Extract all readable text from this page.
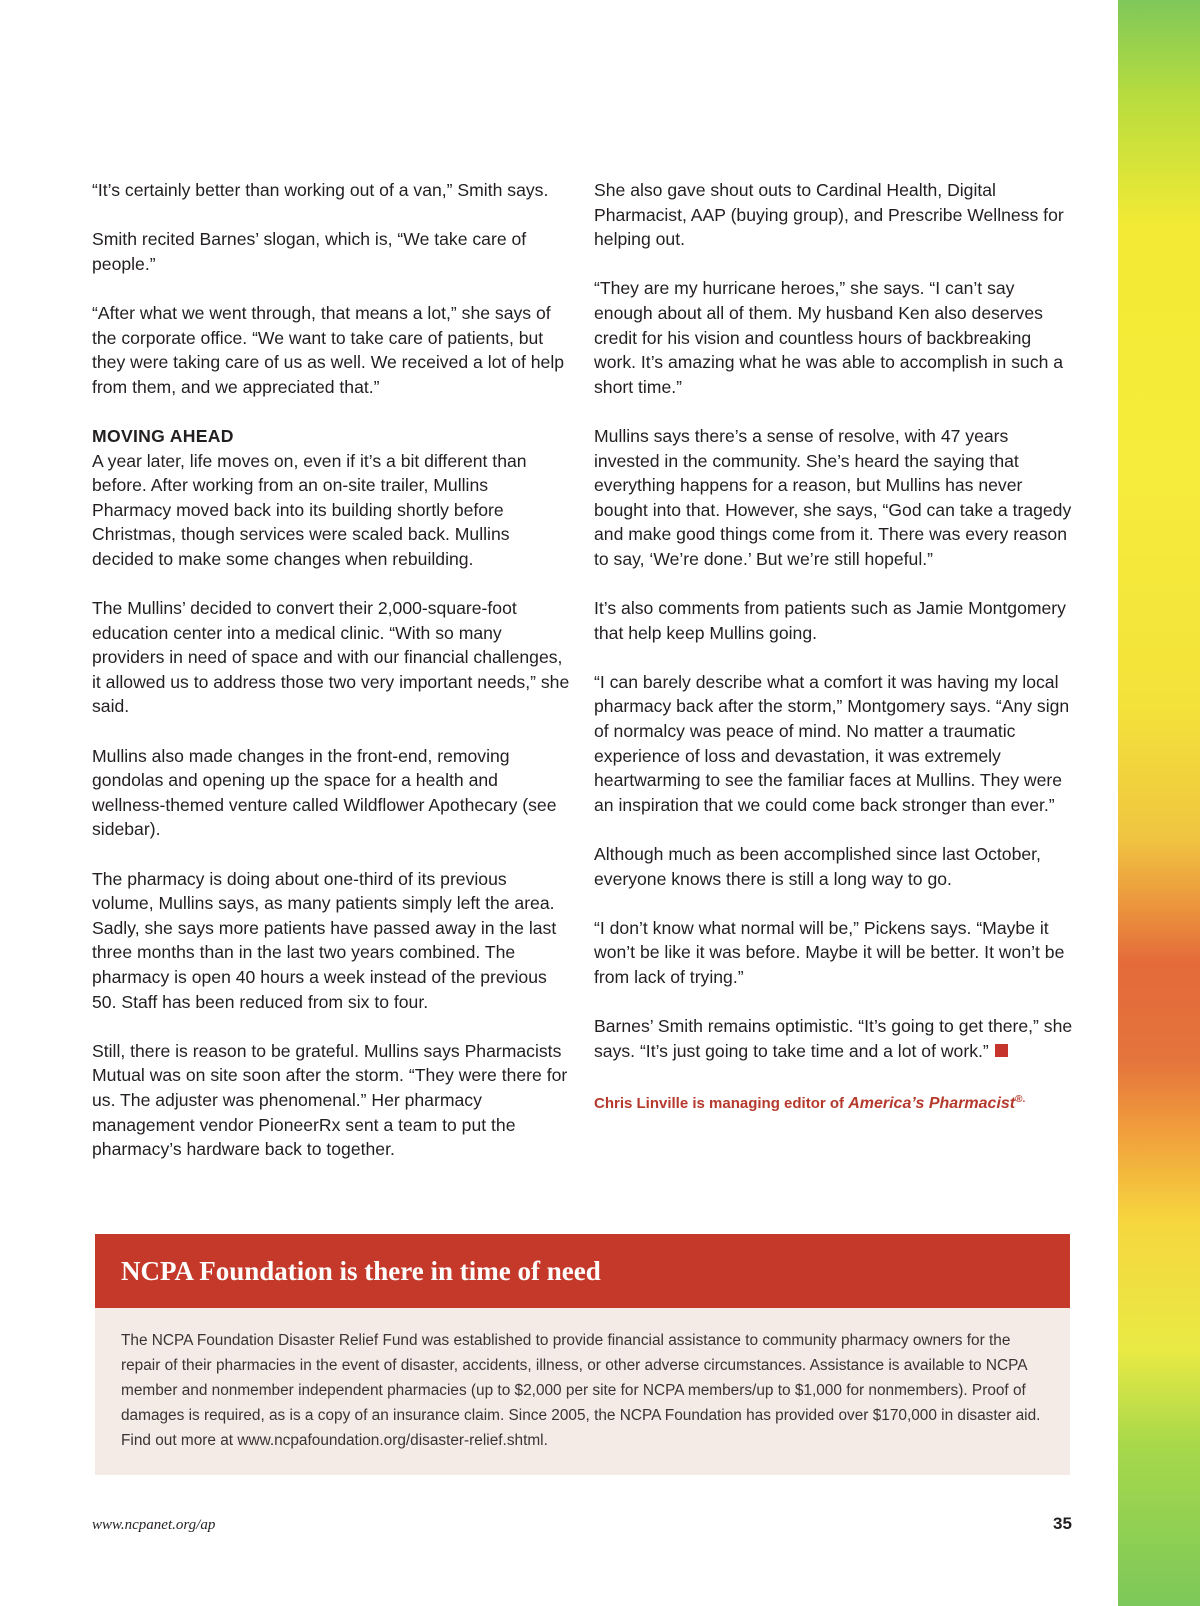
“It’s certainly better than working out of a van,” Smith says.

Smith recited Barnes’ slogan, which is, “We take care of people.”

“After what we went through, that means a lot,” she says of the corporate office. “We want to take care of patients, but they were taking care of us as well. We received a lot of help from them, and we appreciated that.”

MOVING AHEAD
A year later, life moves on, even if it’s a bit different than before. After working from an on-site trailer, Mullins Pharmacy moved back into its building shortly before Christmas, though services were scaled back. Mullins decided to make some changes when rebuilding.

The Mullins’ decided to convert their 2,000-square-foot education center into a medical clinic. “With so many providers in need of space and with our financial challenges, it allowed us to address those two very important needs,” she said.

Mullins also made changes in the front-end, removing gondolas and opening up the space for a health and wellness-themed venture called Wildflower Apothecary (see sidebar).

The pharmacy is doing about one-third of its previous volume, Mullins says, as many patients simply left the area. Sadly, she says more patients have passed away in the last three months than in the last two years combined. The pharmacy is open 40 hours a week instead of the previous 50. Staff has been reduced from six to four.

Still, there is reason to be grateful. Mullins says Pharmacists Mutual was on site soon after the storm. “They were there for us. The adjuster was phenomenal.” Her pharmacy management vendor PioneerRx sent a team to put the pharmacy’s hardware back to together.

She also gave shout outs to Cardinal Health, Digital Pharmacist, AAP (buying group), and Prescribe Wellness for helping out.

“They are my hurricane heroes,” she says. “I can’t say enough about all of them. My husband Ken also deserves credit for his vision and countless hours of backbreaking work. It’s amazing what he was able to accomplish in such a short time.”

Mullins says there’s a sense of resolve, with 47 years invested in the community. She’s heard the saying that everything happens for a reason, but Mullins has never bought into that. However, she says, “God can take a tragedy and make good things come from it. There was every reason to say, ‘We’re done.’ But we’re still hopeful.”

It’s also comments from patients such as Jamie Montgomery that help keep Mullins going.

“I can barely describe what a comfort it was having my local pharmacy back after the storm,” Montgomery says. “Any sign of normalcy was peace of mind. No matter a traumatic experience of loss and devastation, it was extremely heartwarming to see the familiar faces at Mullins. They were an inspiration that we could come back stronger than ever.”

Although much as been accomplished since last October, everyone knows there is still a long way to go.

“I don’t know what normal will be,” Pickens says. “Maybe it won’t be like it was before. Maybe it will be better. It won’t be from lack of trying.”

Barnes’ Smith remains optimistic. “It’s going to get there,” she says. “It’s just going to take time and a lot of work.”

Chris Linville is managing editor of America’s Pharmacist®.
NCPA Foundation is there in time of need
The NCPA Foundation Disaster Relief Fund was established to provide financial assistance to community pharmacy owners for the repair of their pharmacies in the event of disaster, accidents, illness, or other adverse circumstances. Assistance is available to NCPA member and nonmember independent pharmacies (up to $2,000 per site for NCPA members/up to $1,000 for nonmembers). Proof of damages is required, as is a copy of an insurance claim. Since 2005, the NCPA Foundation has provided over $170,000 in disaster aid. Find out more at www.ncpafoundation.org/disaster-relief.shtml.
www.ncpanet.org/ap	35
